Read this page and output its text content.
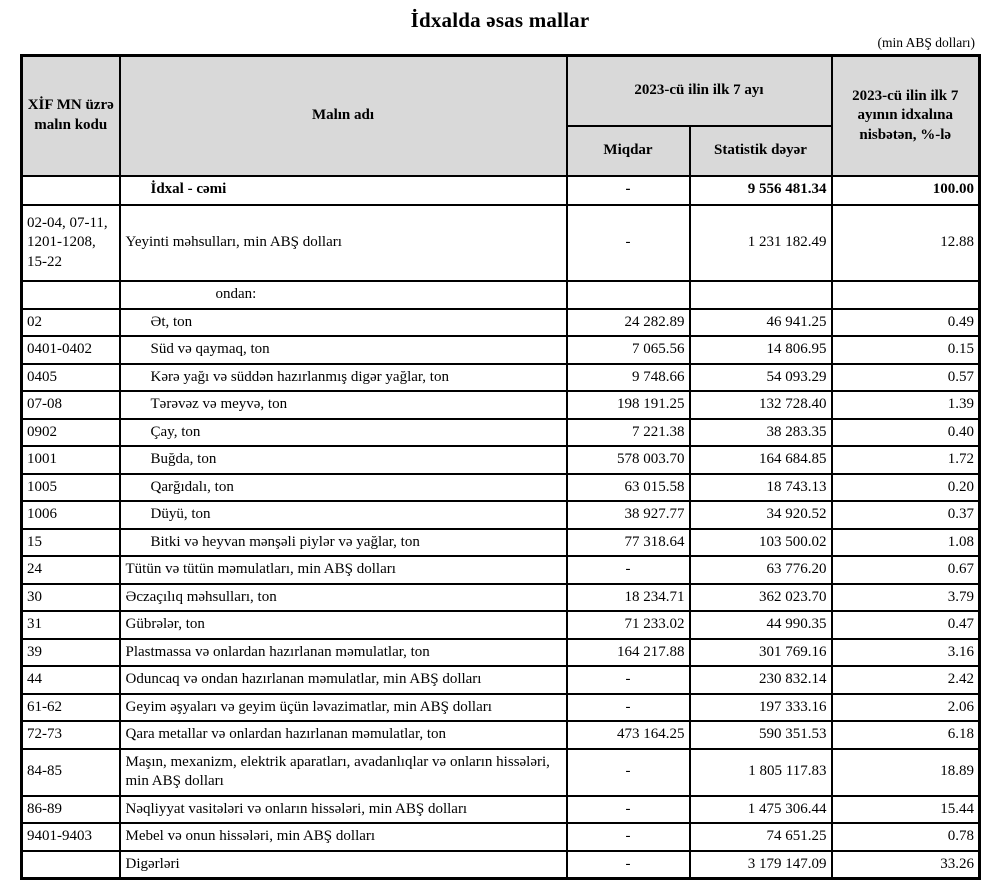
İdxalda əsas mallar
(min ABŞ dolları)
XİF MN üzrə malın kodu	Malın adı	2023-cü ilin ilk 7 ayı		2023-cü ilin ilk 7 ayının idxalına nisbətən, %-lə
		Miqdar	Statistik dəyər	
	İdxal - cəmi	-	9 556 481.34	100.00
02-04, 07-11, 1201-1208, 15-22	Yeyinti məhsulları, min ABŞ dolları	-	1 231 182.49	12.88
	ondan:			
02	Ət, ton	24 282.89	46 941.25	0.49
0401-0402	Süd və qaymaq, ton	7 065.56	14 806.95	0.15
0405	Kərə yağı və süddən hazırlanmış digər yağlar, ton	9 748.66	54 093.29	0.57
07-08	Tərəvəz və meyvə, ton	198 191.25	132 728.40	1.39
0902	Çay, ton	7 221.38	38 283.35	0.40
1001	Buğda, ton	578 003.70	164 684.85	1.72
1005	Qarğıdalı, ton	63 015.58	18 743.13	0.20
1006	Düyü, ton	38 927.77	34 920.52	0.37
15	Bitki və heyvan mənşəli piylər və yağlar, ton	77 318.64	103 500.02	1.08
24	Tütün və tütün məmulatları, min ABŞ dolları	-	63 776.20	0.67
30	Əczaçılıq məhsulları, ton	18 234.71	362 023.70	3.79
31	Gübrələr, ton	71 233.02	44 990.35	0.47
39	Plastmassa və onlardan hazırlanan məmulatlar, ton	164 217.88	301 769.16	3.16
44	Oduncaq və ondan hazırlanan məmulatlar, min ABŞ dolları	-	230 832.14	2.42
61-62	Geyim əşyaları və geyim üçün ləvazimatlar, min ABŞ dolları	-	197 333.16	2.06
72-73	Qara metallar və onlardan hazırlanan məmulatlar, ton	473 164.25	590 351.53	6.18
84-85	Maşın, mexanizm, elektrik aparatları, avadanlıqlar və onların hissələri, min ABŞ dolları	-	1 805 117.83	18.89
86-89	Nəqliyyat vasitələri və onların hissələri, min ABŞ dolları	-	1 475 306.44	15.44
9401-9403	Mebel və onun hissələri, min ABŞ dolları	-	74 651.25	0.78
	Digərləri	-	3 179 147.09	33.26
